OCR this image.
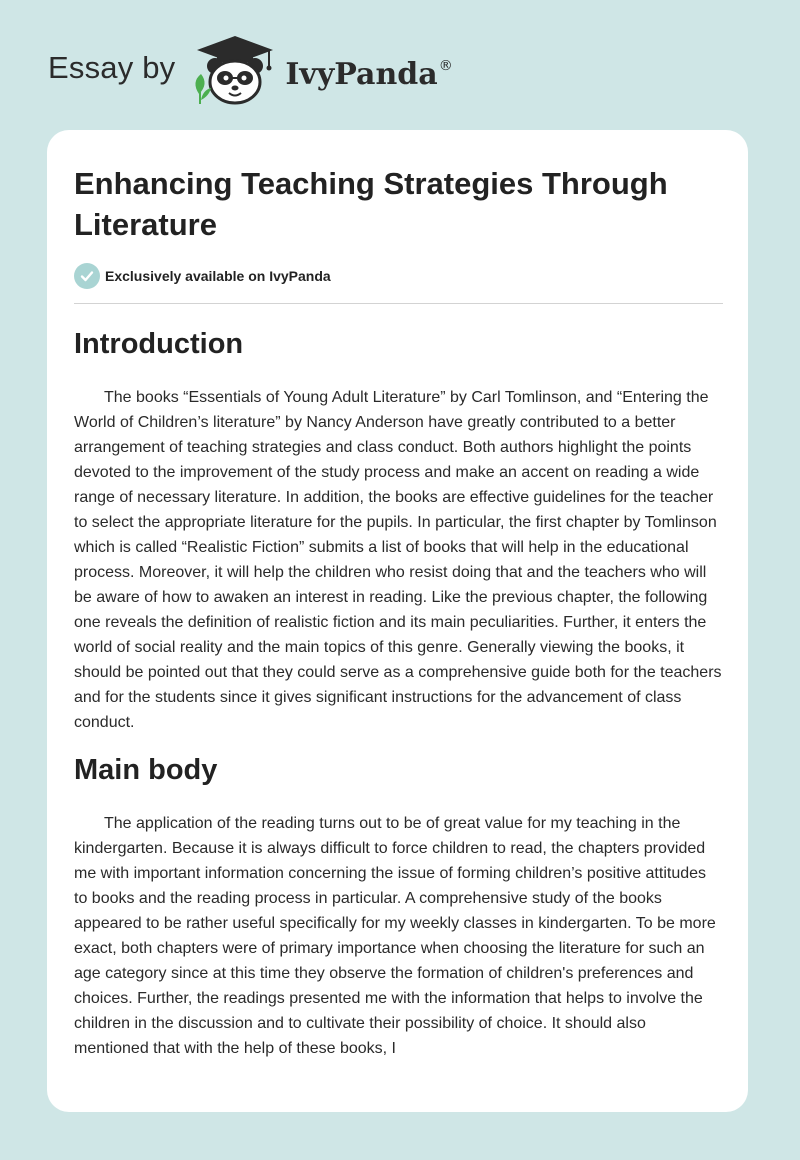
Essay by	IvyPanda®
Enhancing Teaching Strategies Through Literature
Exclusively available on IvyPanda
Introduction

The books “Essentials of Young Adult Literature” by Carl Tomlinson, and “Entering the World of Children’s literature” by Nancy Anderson have greatly contributed to a better arrangement of teaching strategies and class conduct. Both authors highlight the points devoted to the improvement of the study process and make an accent on reading a wide range of necessary literature. In addition, the books are effective guidelines for the teacher to select the appropriate literature for the pupils. In particular, the first chapter by Tomlinson which is called “Realistic Fiction” submits a list of books that will help in the educational process. Moreover, it will help the children who resist doing that and the teachers who will be aware of how to awaken an interest in reading. Like the previous chapter, the following one reveals the definition of realistic fiction and its main peculiarities. Further, it enters the world of social reality and the main topics of this genre. Generally viewing the books, it should be pointed out that they could serve as a comprehensive guide both for the teachers and for the students since it gives significant instructions for the advancement of class conduct.

Main body

The application of the reading turns out to be of great value for my teaching in the kindergarten. Because it is always difficult to force children to read, the chapters provided me with important information concerning the issue of forming children’s positive attitudes to books and the reading process in particular. A comprehensive study of the books appeared to be rather useful specifically for my weekly classes in kindergarten. To be more exact, both chapters were of primary importance when choosing the literature for such an age category since at this time they observe the formation of children's preferences and choices. Further, the readings presented me with the information that helps to involve the children in the discussion and to cultivate their possibility of choice. It should also mentioned that with the help of these books, I
